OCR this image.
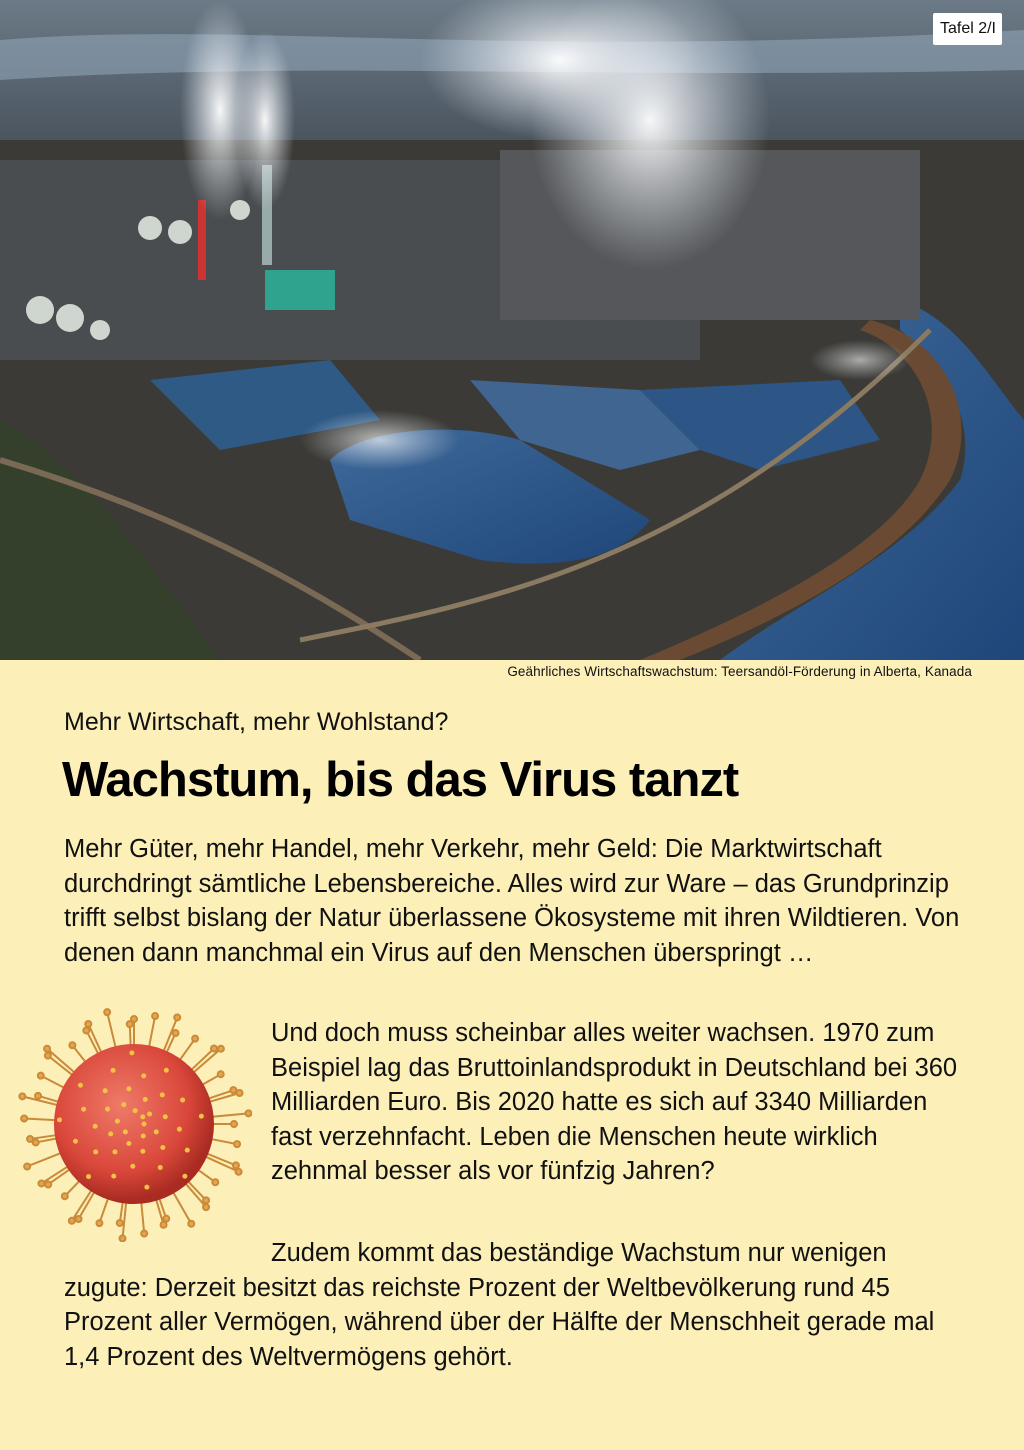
Tafel 2/I
Geährliches Wirtschaftswachstum: Teersandöl-Förderung in Alberta, Kanada
Mehr Wirtschaft, mehr Wohlstand?
Wachstum, bis das Virus tanzt

Mehr Güter, mehr Handel, mehr Verkehr, mehr Geld: Die Marktwirtschaft durchdringt sämtliche Lebensbereiche. Alles wird zur Ware – das Grundprinzip trifft selbst bislang der Natur überlassene Ökosysteme mit ihren Wildtieren. Von denen dann manchmal ein Virus auf den Menschen überspringt …

Und doch muss scheinbar alles weiter wachsen. 1970 zum Beispiel lag das Bruttoinlandsprodukt in Deutschland bei 360 Milliarden Euro. Bis 2020 hatte es sich auf 3340 Milliarden fast verzehnfacht. Leben die Menschen heute wirklich zehnmal besser als vor fünfzig Jahren?

Zudem kommt das beständige Wachstum nur wenigen zugute: Derzeit besitzt das reichste Prozent der Weltbevölkerung rund 45 Prozent aller Vermögen, während über der Hälfte der Menschheit gerade mal 1,4 Prozent des Weltvermögens gehört.
